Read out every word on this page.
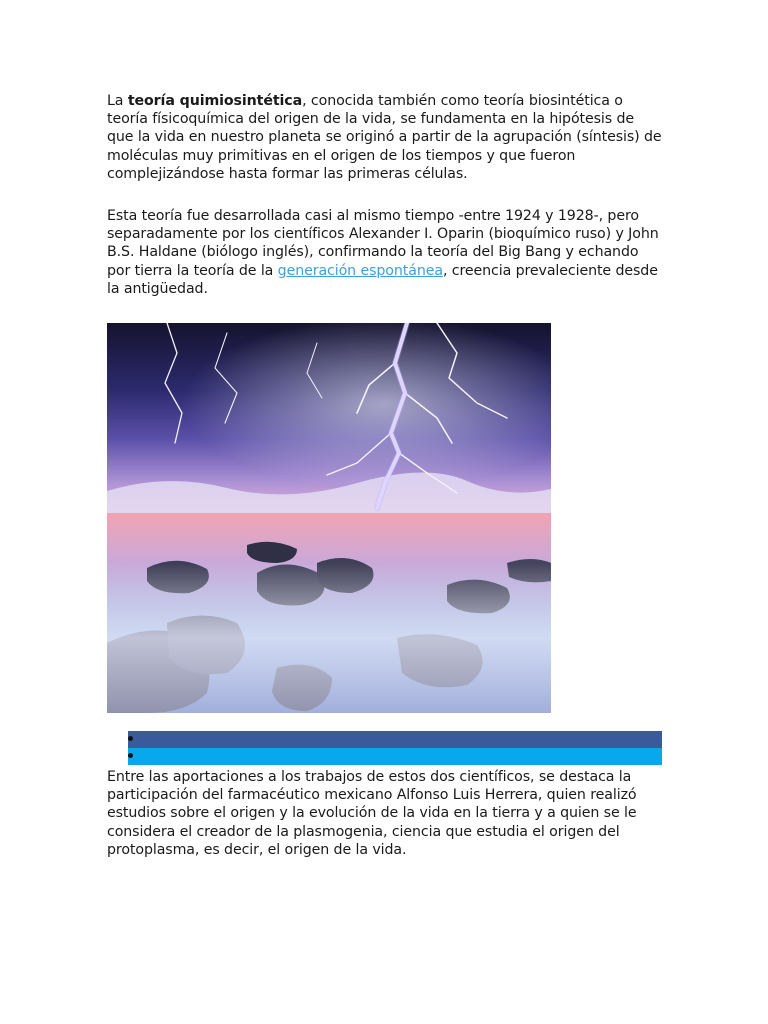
La teoría quimiosintética, conocida también como teoría biosintética o teoría físicoquímica del origen de la vida, se fundamenta en la hipótesis de que la vida en nuestro planeta se originó a partir de la agrupación (síntesis) de moléculas muy primitivas en el origen de los tiempos y que fueron complejizándose hasta formar las primeras células.

Esta teoría fue desarrollada casi al mismo tiempo -entre 1924 y 1928-, pero separadamente por los científicos Alexander I. Oparin (bioquímico ruso) y John B.S. Haldane (biólogo inglés), confirmando la teoría del Big Bang y echando por tierra la teoría de la generación espontánea, creencia prevaleciente desde la antigüedad.

Entre las aportaciones a los trabajos de estos dos científicos, se destaca la participación del farmacéutico mexicano Alfonso Luis Herrera, quien realizó estudios sobre el origen y la evolución de la vida en la tierra y a quien se le considera el creador de la plasmogenia, ciencia que estudia el origen del protoplasma, es decir, el origen de la vida.
